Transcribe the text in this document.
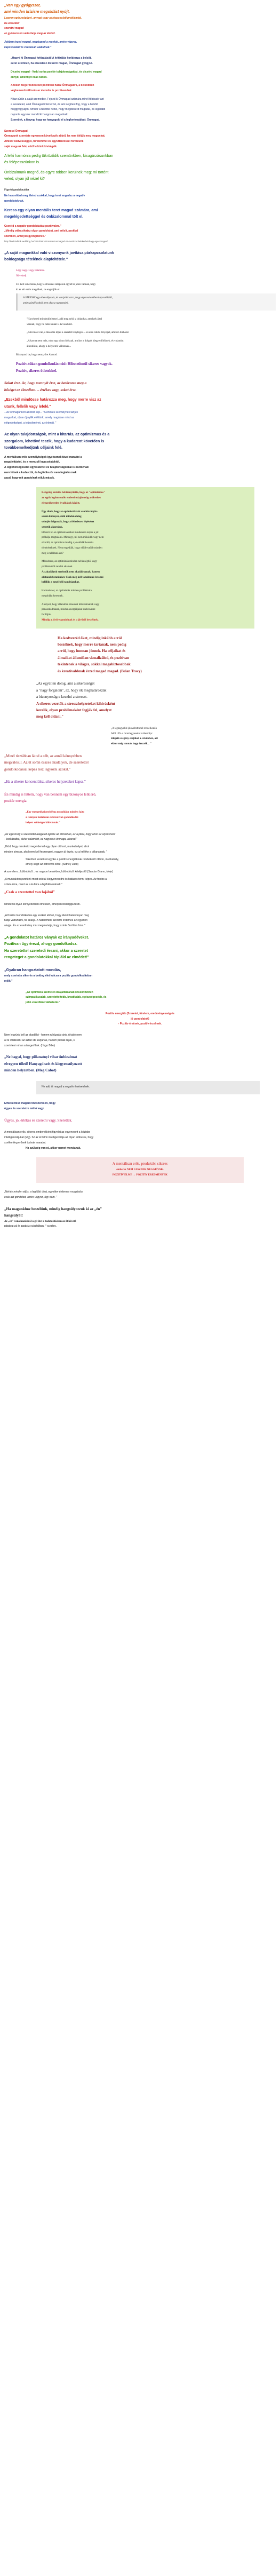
„Van egy gyógyszer,

ami minden krízisre megoldást nyújt.

Legyen egészségügyi, anyagi vagy párkapcsolati problémád,

ha elkezded

szeretni magad

az gyökeresen változtatja meg az életed.

Jobban érzed magad, megkapod a munkát, amire vágysz,

kapcsolataid is csodásan alakulnak."

„Hagyd ki Önmagad kritizálását! A kritizálás korlátozza a belsőt,

ezzel szemben, ha elkezdesz dicsérni magad, Önmagad gyógyul.

Dicsérd magad - Vedd sorba pozitív tulajdonságaidat, és dicsérd magad

annyit, amennyit csak tudod.

Amikor megerősítéseket pozitívan hatsz Önmagadra, a belsődben

végbemenő változás az életedre is pozitívan hat.

Nézz sűrűn a saját szemedbe. Fejezd ki Önmagad számára minél többször azt

a szeretetet, amit Önmagad iránt érzel, és ami segíteni fog, hogy a belsőd

meggyógyuljon. Amikor a tükörbe nézel, hogy megdicsérd magadat, és legalább

naponta egyszer mondd ki hangosan magadnak:

Szeretlek, a lényeg, hogy ne hanyagold el a legfontosabbat: Önmagad.

Szeresd Önmagad

Önmagunk szeretete egyensen következik abból, ha nem ítéljük meg magunkat.

Amikor kedvességgel, türelemmel és együttérzéssel fordulunk

saját magunk felé, attól lelkünk kivirágzik.

A lelki harmónia pedig tükröződik szemünkben, kisugárzásunkban

és felépesszúnkon is.

Önbizalmunk megnő, és egyre többen kerülnek meg: mi történt

veled, olyan jól nézel ki?

Figyeld gondolataidat

Ne hasonlítsd meg életed azokkal, hogy teret engedsz a negatív

gondolatoknak.

Keress egy olyan mentális teret magad számára, ami

megelégedettséggel és önbizalommal tölt el.

Cseréld a negatív gondolataidat pozitívakra."

„Mindig választhatsz olyan gondolatot, ami erőslt, azokkal

szemben, amelyek gyengítenek."

http://lelekinditok.webblog.hu/2014/09/10/szeresd-onmagad-12-modszer-lelekerbel-hogy-egeszseges/

„A saját magunkkal való viszonyunk javítása párkapcsolatunk

boldogsága tételének alapfeltétele."

Légy nagy. Légy hatalmas.

Növekedj.

Fel kell ismernünk, hogy a stresszes állapotok együtt is jelen vannak, hogy

ki az aki ezt is megélheti, ne engedjük el:

A STRESSZ egy ellensúlyozás, és van jelük arra, hogy olyasvalamihez kapcsolódtál,

amit szándékodnál nem akarsz tapasztalni.

"Ha teheted mindenkit ismerj, add meg neki: a dolgokat, amelyek által

vannak, hogy ha tudsz annál is kevesebbet.

„Ami most van, a második lépés a szeretet tényleges-... és arra tedd a lényeget, amiben bízhatsz

„A karma nem más, mint egy olyan időszak, amikor a dolgok kiegyenlítődnek, és valamint

átlendülsz, ahogy a helyzetek változnak...

Bizonytod be, hogy nemzyőre Akarod.

Pozitív-tükor-gondolkodásmód: Hibetetlenül sikeres vagyok.

Pozitív, sikeres ötletekkel.

Sokat érsz. Az, hogy mennyit érsz, az határozza meg a

bőséget az életedben. – értékes vagy, sokat érsz.

„Ezekből mindösse határozza meg, hogy merre visz az

utunk, fellelik vagy lefelé."

– Az önmagunkról alkotott kép... "A értékes személynek tartjuk

magunkat, olyan új nyílik előttünk, amely magában mind az

elégedettséget, a teljesítményt, az örömöt. "

Az olyan tulajdonságok, mint a kitartás, az optimizmus és a

szorgalom, lehetővé teszik, hogy a kudarcot követően is

továbbemelkedjünk céljaink felé.

A mentálisan erős személyiségek igyekeznek távol maradni a

negativitástól, és a merezoli kapcsolatoktól.

A legtehetségesebb egyesülettel és tulajdonságokkal is osztoznak:

nem félnek a kudarctól, és legtöbbször nem foglalkoznak

azzal, hogy mit gondolnak róluk mások.

Rengeteg kutatás bebizonyította, hogy az "optimizmus"

az egyik legfontosabb emberi tulajdonság a sikerhez

elengedhetetlen kvalitások között.

Úgy tűnik, hogy az optimistáknak van hátrányba

sosem könnyen, akik minden dolog

szintjét dolgozzák, hogy a felfedezett lépéseket

szeretik akarnánk.

Először is: az optimista ember mindenben képes a jót

próbálja megtalálni. Mindegy, mi nem működik vagy nem

sikerült, az optimista mindig a jó oldalát keresi a

történéseknek. Nem engedjük, hogy előbb-utóbb minden

meg is található azt?

Másodszor, az optimisták minden nehézségből vagy

problémából tanulni akarnak.

Az akadályok szerintük nem akadályoznak, hanem

okítanak bennünket. Csak meg kell tanulnunk levonni

belőlük a megfelelő tanulságokat.

Harmadszor, az optimisták minden problémára

megoldást keresnek.

Ahelyett, hogy állandóan másokat hibáztatnának vagy

panaszkodnának, minden energiájukat cselekvésre

fordítják.

Mindig a jövőre gondolnak és a jövőről beszélnek.

Ha kedvezzéd őket, mindig inkább arról

beszélnek, hogy merre tartanak, nem pedig

arról, hogy honnan jönnek. Ha céljaikat és

álmaikat állandóan vizualizálod, és pozitívan

tekintenek a világra, sokkal magabiztosabbak

és kreatívabbnak érzed magad magad. (Brian Tracy)

„Az együtten dolog, ami a sikerességet

a "nagy forgalom", az, hogy ők meghatározzák

a bizonyosságra kezelni a stresszt.

A sikeres vezetők a stresszhelyzeteket kihívásként

kezelik, olyan problémaként fogják fel, amelyet

meg kell oldani."

„A legnagyobb ijkoveltettnnel rendelkezők

felül 10% a mind egyeseket válaszolja:

lélegzik szegény erejüket a szívükben, azt

ekkor még vannak hogy érezzék... "

„Minél tisztábban látod a célt, az annál könnyebben

megvalósul. Az út során összes akadályok, de szeretettel

gondolkodással képes lesz legyőzni azokat."

„Ha a sikerre koncentrálsz, sikeres helyzeteket kapsz."

Én mindig is hittem, hogy van bennem egy bizonyos lelkierő,

pozitív energia.

„Egy energetikai probléma megoldása minden fajta

a csúnyák tudatosan és kreatívan gondolkodni

helyett szükséges kihívásnak."

„Az egészség a szeretettel alapjelző éjjelbe az álmokban, ez a jókor, hogy azon ez olyan ment

- kockázatba, akkor valamiért, ez nagyon is önmaga, akarod."

„Hidd, hogy mindenki megérdemel egy olyan otthont, munkahelyet, ahol

minden stressz, ahol nem kell feszengeni, nagyon jó érzés, ez a kelléke a pillanatnak. "

Sikerhez vezető út egyike a pozitív energiáknak rendelkező otthon, munkahely,

amely segít az otthonról előre. (Sidney Judd)

A szerelem... különböző... ez nagyon beszédes, különböző. A teljesítő (Sandar Grano, ideje)

„A munkakörnyezetünk most sokkal kiegyenesedni és hatásos tenni képes. Az fontos a

számunkra, ment az a kultúra a fejlődéseinknek."

„Csak a szeretettel van fajából"

Mindenki olyan környezetben élhessen, amelyen boldoggá teszi.

„A Pozitív Gondolkodás egy eszköz ahhoz, hogy életét hatékonyan meg

tudja változtatni, ha akarja. A hatalomból szeretni érdemes az egyetlen

alapja. És az eredmény már megmutatja, hogy szinte őrzötten hisz. "

„A gondolatot határoz ványak ez irányadéveket.

Pozitívan ügy érezd, ahogy gondolkodsz.

Ha szeretettel szeretedi érezni, akkor a szeretet

rengeteget a gondolatokkal tápláld az elmédet!"

„Gyakran hangoztatott mondás,

mely szerint a siker és a boldog élet kulcsa a pozitív gondolkodásban

rejlik."

„Az optimista személet elsajátításának köszönhetően

szimpatikusabb, szeretetteltebb, kreatívabb, egészségesebb, és

jobb vezetőkké válhatunk."

Pozitív energiák (Szeretet, türelem, eredményesség és

jó gondolatok)

- Pozitív érzések, pozitív érzelmek.

Nem legyünk kell az akadályt - hanem ruházzák ránk. A tuttó nem

ál te vitatkozni az aztán ide zárjunak, hanem példák rájuk, s

szerinteni rohan a tanger! link. (Hugo Bibo)

„Ne hagyd, hogy pillanatnyi vihar önbizalmat

elvegyen tőled! Hanyagd szét és kiegyensúlyozott

minden helyzetben. (Meg Cabot)

Ne add át magad a negatív érzéseidnek.

Emlékeztesd magad rendszeresen, hogy

úgyes és szeretetre méltó vagy.

Ügyes, jó, értékes és szeretni vagy. Szeretlek.

A mentálisan erős, sikeres emberekként figyelet az egyenesett a krízisbe

intelligenciájukat (EQ). Sz az érzelmi intelligenciája az olyan emberek, hogy

szellemileg erősek tudnak maradni.

Ha szükség van rá, akkor nemet mondanak.

A mentálisan erős, produktív, sikeres

emberek NEM LESZNEK NEGATÍVAK.

POZITÍV ELME → POZITÍV EREDMÉNYEK

„Nehéz minden eljös, a legtöbb óhaj, egyetlen érdemes mozgásba

csak azt gondolod, amire vágysz, úgy nem. "

„Ha magunkhoz beszélünk, mindig hangsúlyozzuk ki az „én"

hangsúlyát!

Az „én" vonatkozásáról segít ötet a tudatosításban az őt követő

minden szó és gondolat szimbólum. " szegény.
